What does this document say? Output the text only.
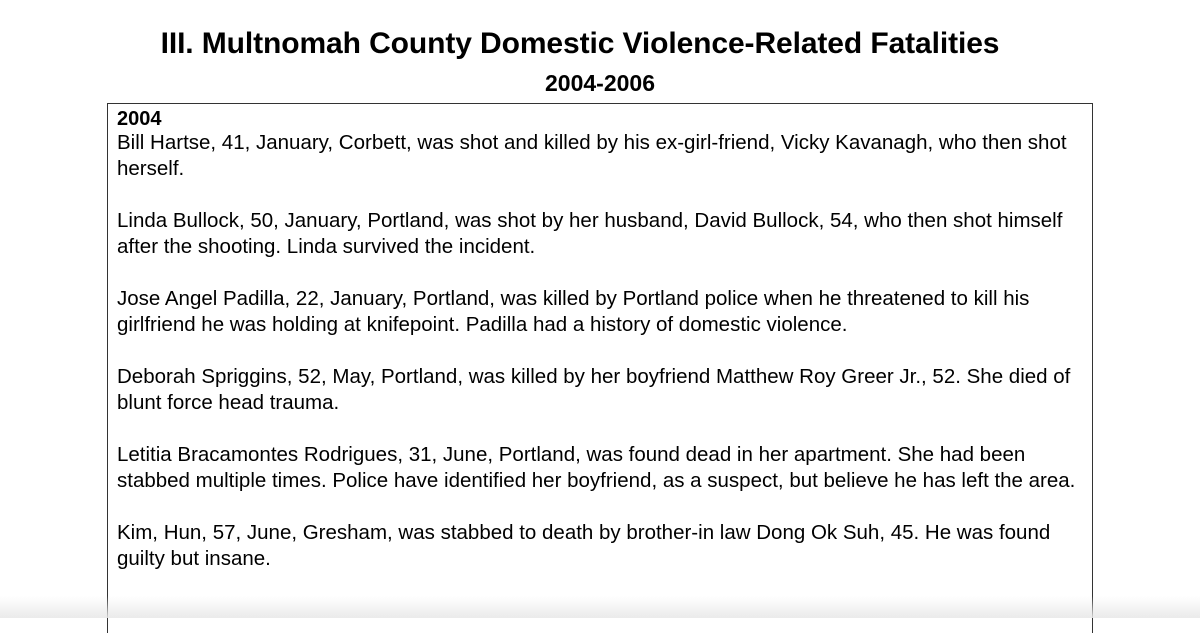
III. Multnomah County Domestic Violence-Related Fatalities
2004-2006

2004

Bill Hartse, 41, January, Corbett, was shot and killed by his ex-girl-friend, Vicky Kavanagh, who then shot herself.

Linda Bullock, 50, January, Portland, was shot by her husband, David Bullock, 54, who then shot himself after the shooting. Linda survived the incident.

Jose Angel Padilla, 22, January, Portland, was killed by Portland police when he threatened to kill his girlfriend he was holding at knifepoint. Padilla had a history of domestic violence.

Deborah Spriggins, 52, May, Portland, was killed by her boyfriend Matthew Roy Greer Jr., 52. She died of blunt force head trauma.

Letitia Bracamontes Rodrigues, 31, June, Portland, was found dead in her apartment. She had been stabbed multiple times. Police have identified her boyfriend, as a suspect, but believe he has left the area.

Kim, Hun, 57, June, Gresham, was stabbed to death by brother-in law Dong Ok Suh, 45. He was found guilty but insane.
